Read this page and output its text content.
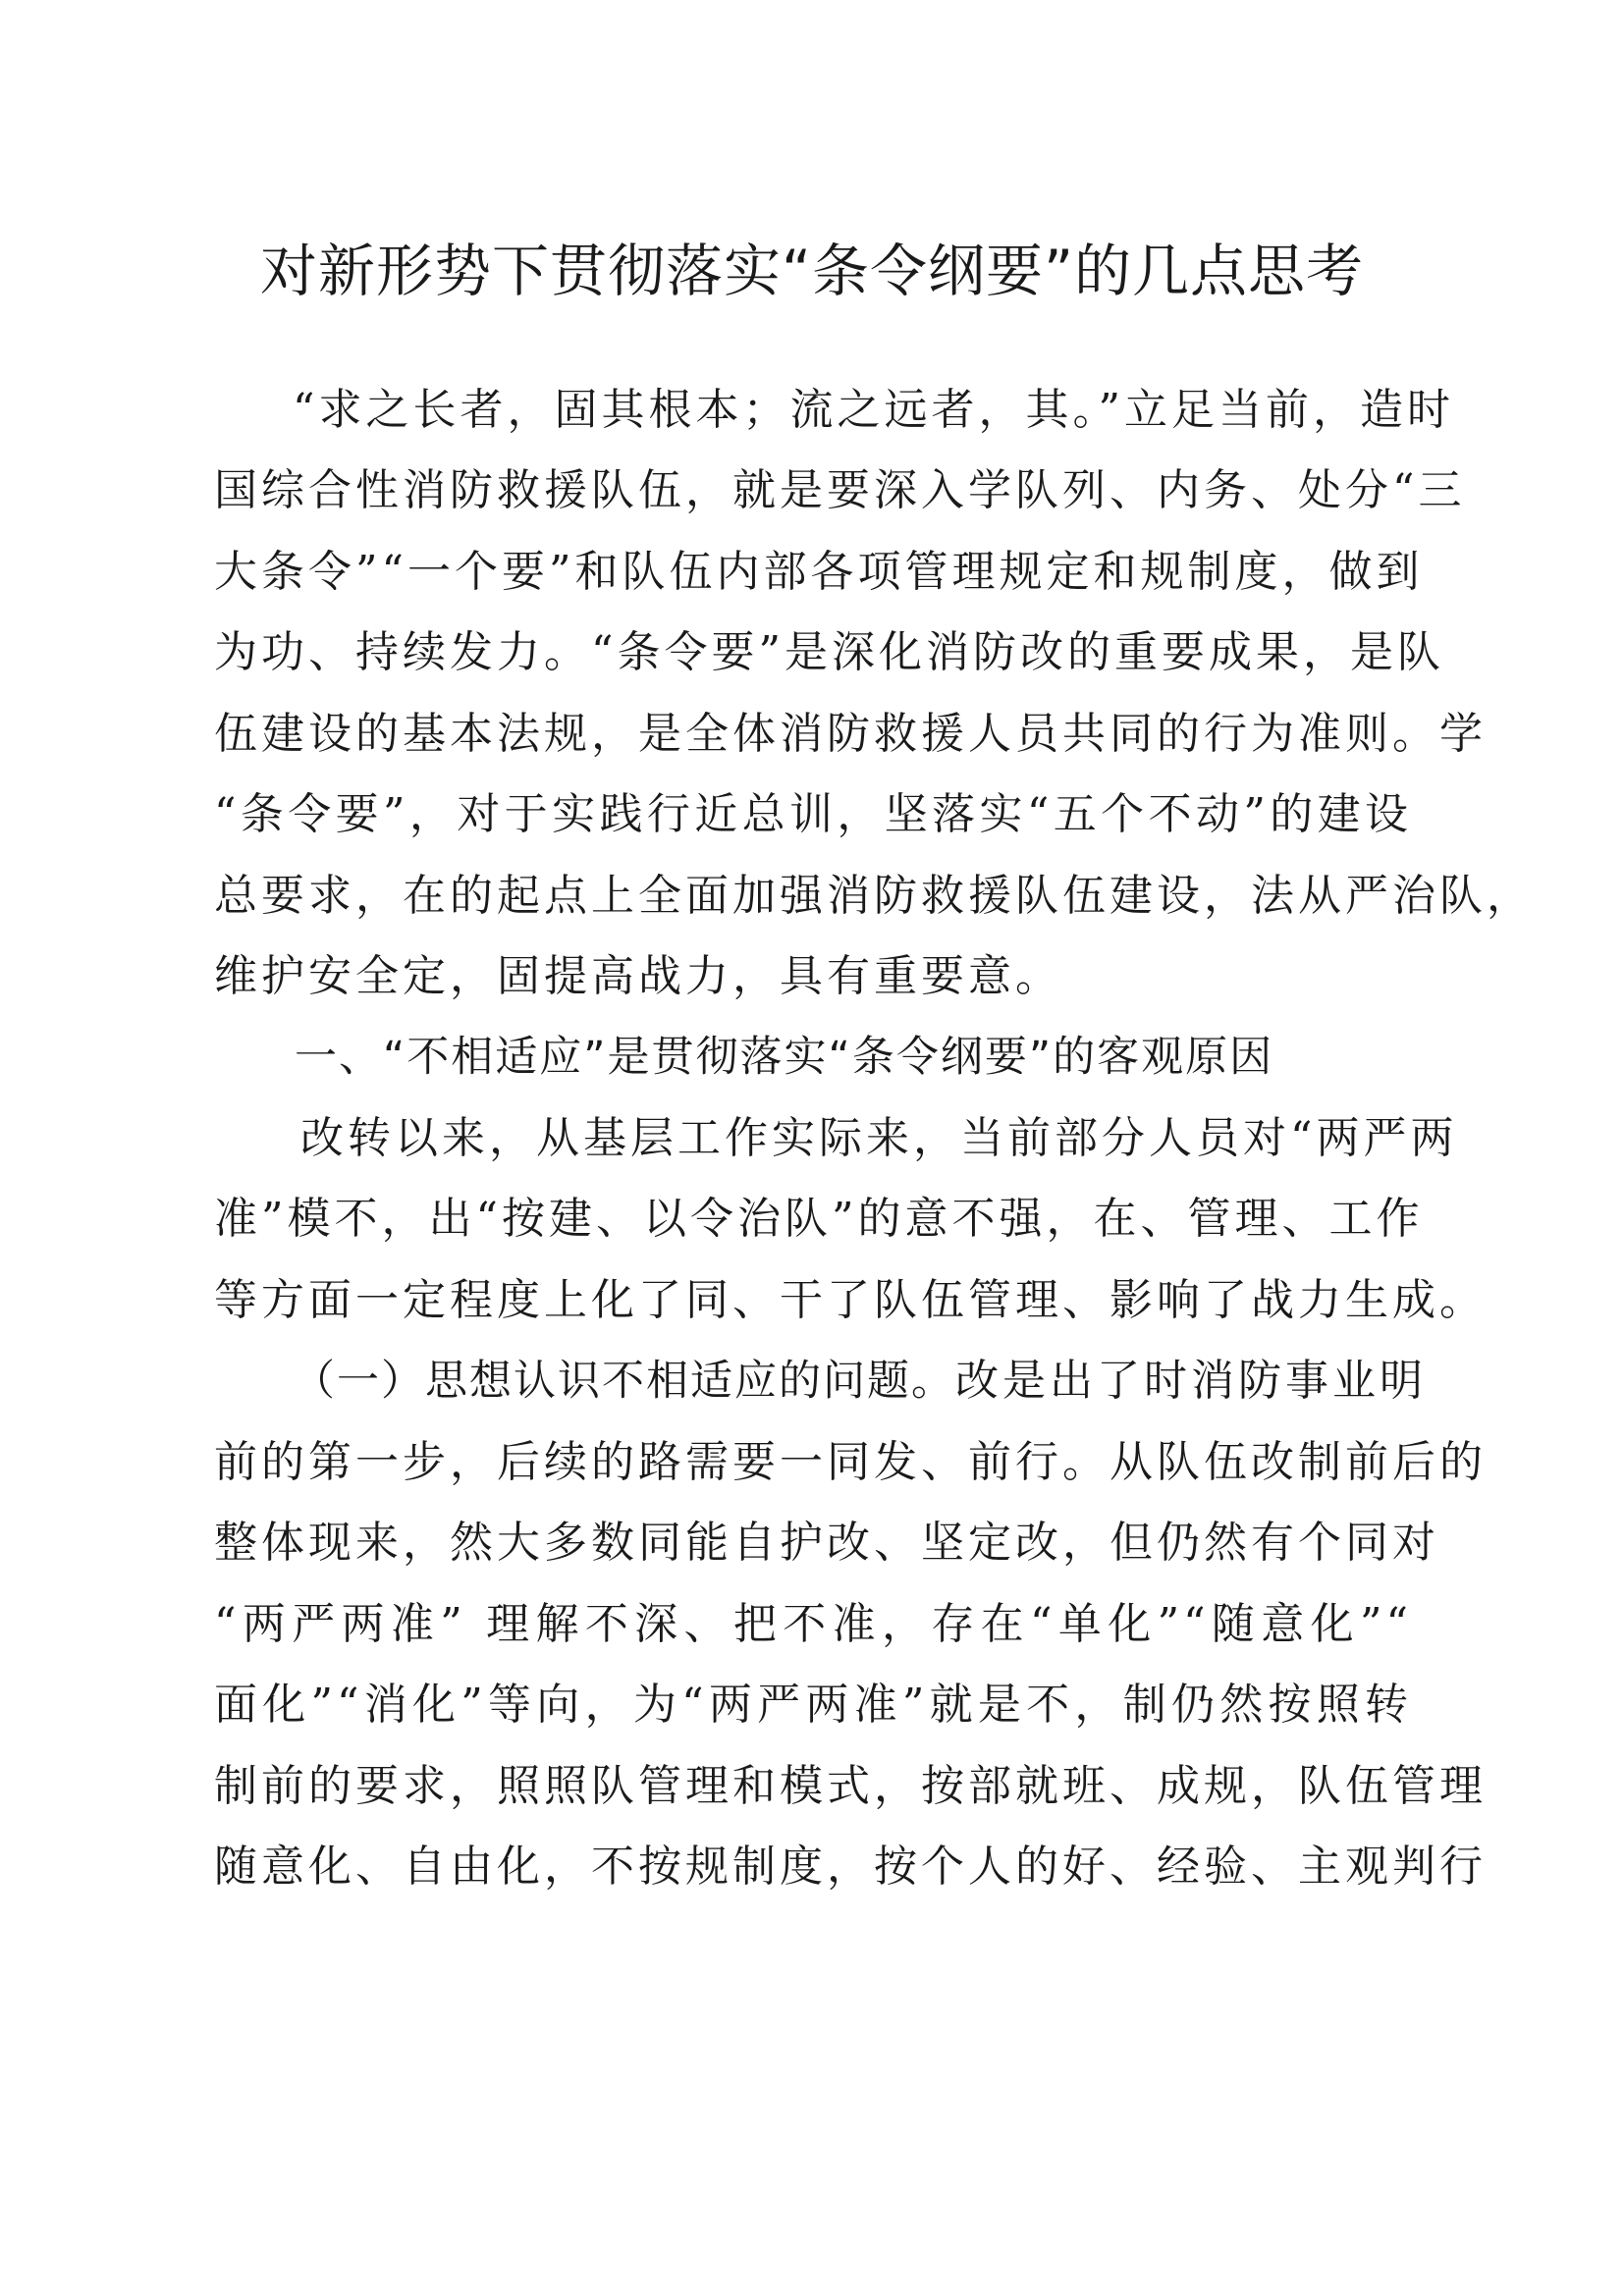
对新形势下贯彻落实“条令纲要”的几点思考
“求之长者，固其根本；流之远者，其。”立足当前，造时
国综合性消防救援队伍，就是要深入学队列、内务、处分“三
大条令”“一个要”和队伍内部各项管理规定和规制度，做到
为功、持续发力。“条令要”是深化消防改的重要成果，是队
伍建设的基本法规，是全体消防救援人员共同的行为准则。学
“条令要”，对于实践行近总训，坚落实“五个不动”的建设
总要求，在的起点上全面加强消防救援队伍建设，法从严治队，
维护安全定，固提高战力，具有重要意。
一、“不相适应”是贯彻落实“条令纲要”的客观原因
改转以来，从基层工作实际来，当前部分人员对“两严两
准”模不，出“按建、以令治队”的意不强，在、管理、工作
等方面一定程度上化了同、干了队伍管理、影响了战力生成。
（一）思想认识不相适应的问题。改是出了时消防事业明
前的第一步，后续的路需要一同发、前行。从队伍改制前后的
整体现来，然大多数同能自护改、坚定改，但仍然有个同对
“两严两准” 理解不深、把不准，存在“单化”“随意化”“
面化”“消化”等向，为“两严两准”就是不，制仍然按照转
制前的要求，照照队管理和模式，按部就班、成规，队伍管理
随意化、自由化，不按规制度，按个人的好、经验、主观判行
